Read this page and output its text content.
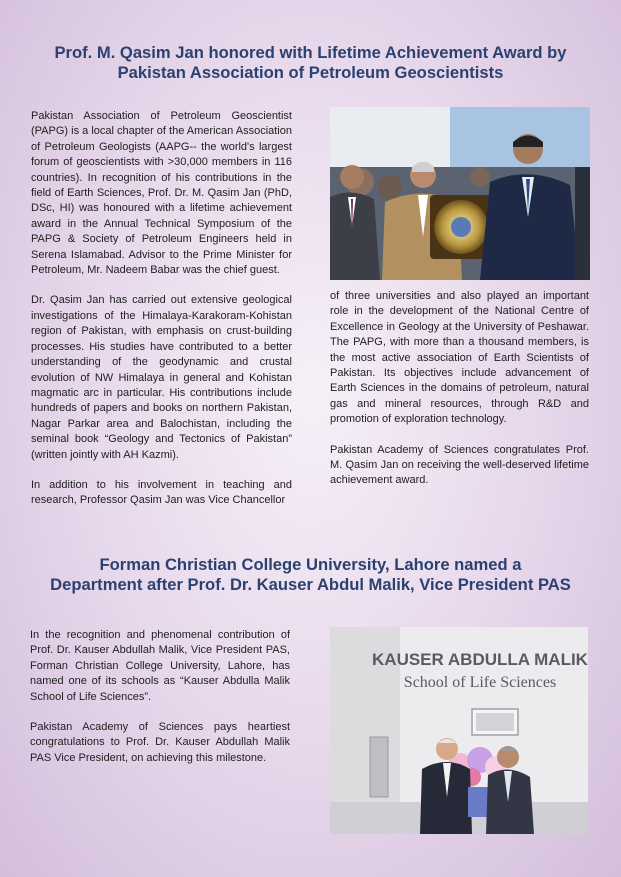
Prof. M. Qasim Jan honored with Lifetime Achievement Award by
Pakistan Association of Petroleum Geoscientists

Pakistan Association of Petroleum Geoscientist (PAPG) is a local chapter of the American Association of Petroleum Geologists (AAPG-- the world's largest forum of geoscientists with >30,000 members in 116 countries). In recognition of his contributions in the field of Earth Sciences, Prof. Dr. M. Qasim Jan (PhD, DSc, HI) was honoured with a lifetime achievement award in the Annual Technical Symposium of the PAPG & Society of Petroleum Engineers held in Serena Islamabad. Advisor to the Prime Minister for Petroleum, Mr. Nadeem Babar was the chief guest.

Dr. Qasim Jan has carried out extensive geological investigations of the Himalaya-Karakoram-Kohistan region of Pakistan, with emphasis on crust-building processes. His studies have contributed to a better understanding of the geodynamic and crustal evolution of NW Himalaya in general and Kohistan magmatic arc in particular. His contributions include hundreds of papers and books on northern Pakistan, Nagar Parkar area and Balochistan, including the seminal book “Geology and Tectonics of Pakistan” (written jointly with AH Kazmi).

In addition to his involvement in teaching and research, Professor Qasim Jan was Vice Chancellor

of three universities and also played an important role in the development of the National Centre of Excellence in Geology at the University of Peshawar. The PAPG, with more than a thousand members, is the most active association of Earth Scientists of Pakistan. Its objectives include advancement of Earth Sciences in the domains of petroleum, natural gas and mineral resources, through R&D and promotion of exploration technology.

Pakistan Academy of Sciences congratulates Prof. M. Qasim Jan on receiving the well-deserved lifetime achievement award.

Forman Christian College University, Lahore named a
Department after Prof. Dr. Kauser Abdul Malik, Vice President PAS

In the recognition and phenomenal contribution of Prof. Dr. Kauser Abdullah Malik, Vice President PAS, Forman Christian College University, Lahore, has named one of its schools as “Kauser Abdulla Malik School of Life Sciences”.

Pakistan Academy of Sciences pays heartiest congratulations to Prof. Dr. Kauser Abdullah Malik PAS Vice President, on achieving this milestone.

KAUSER ABDULLA MALIK
School of Life Sciences
